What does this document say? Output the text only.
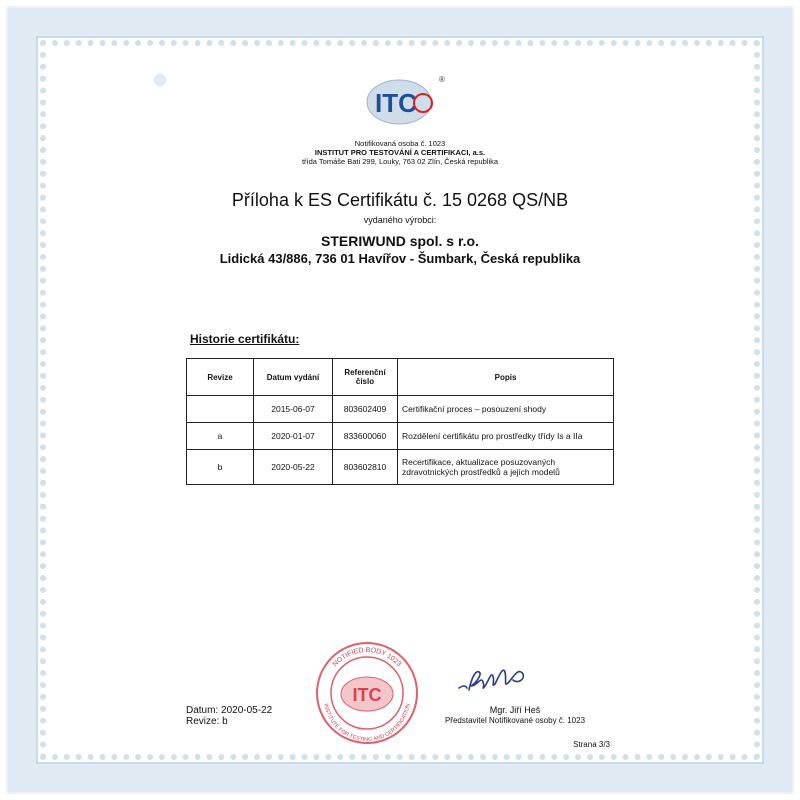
ITC
®
Notifikovaná osoba č. 1023
INSTITUT PRO TESTOVÁNÍ A CERTIFIKACI, a.s.
třída Tomáše Bati 299, Louky, 763 02 Zlín, Česká republika
Příloha k ES Certifikátu č. 15 0268 QS/NB
vydaného výrobci:
STERIWUND spol. s r.o.
Lidická 43/886, 736 01 Havířov - Šumbark, Česká republika
Historie certifikátu:
Revize	Datum vydání	Referenční číslo	Popis
	2015-06-07	803602409	Certifikační proces – posouzení shody
a	2020-01-07	833600060	Rozdělení certifikátu pro prostředky třídy Is a IIa
b	2020-05-22	803602810	Recertifikace, aktualizace posuzovaných zdravotnických prostředků a jejich modelů
ITC
NOTIFIED BODY 1023
INSTITUTE FOR TESTING AND CERTIFICATION	Mgr. Jiří Heš
Představitel Notifikované osoby č. 1023
Datum: 2020-05-22
Revize: b
Strana 3/3
